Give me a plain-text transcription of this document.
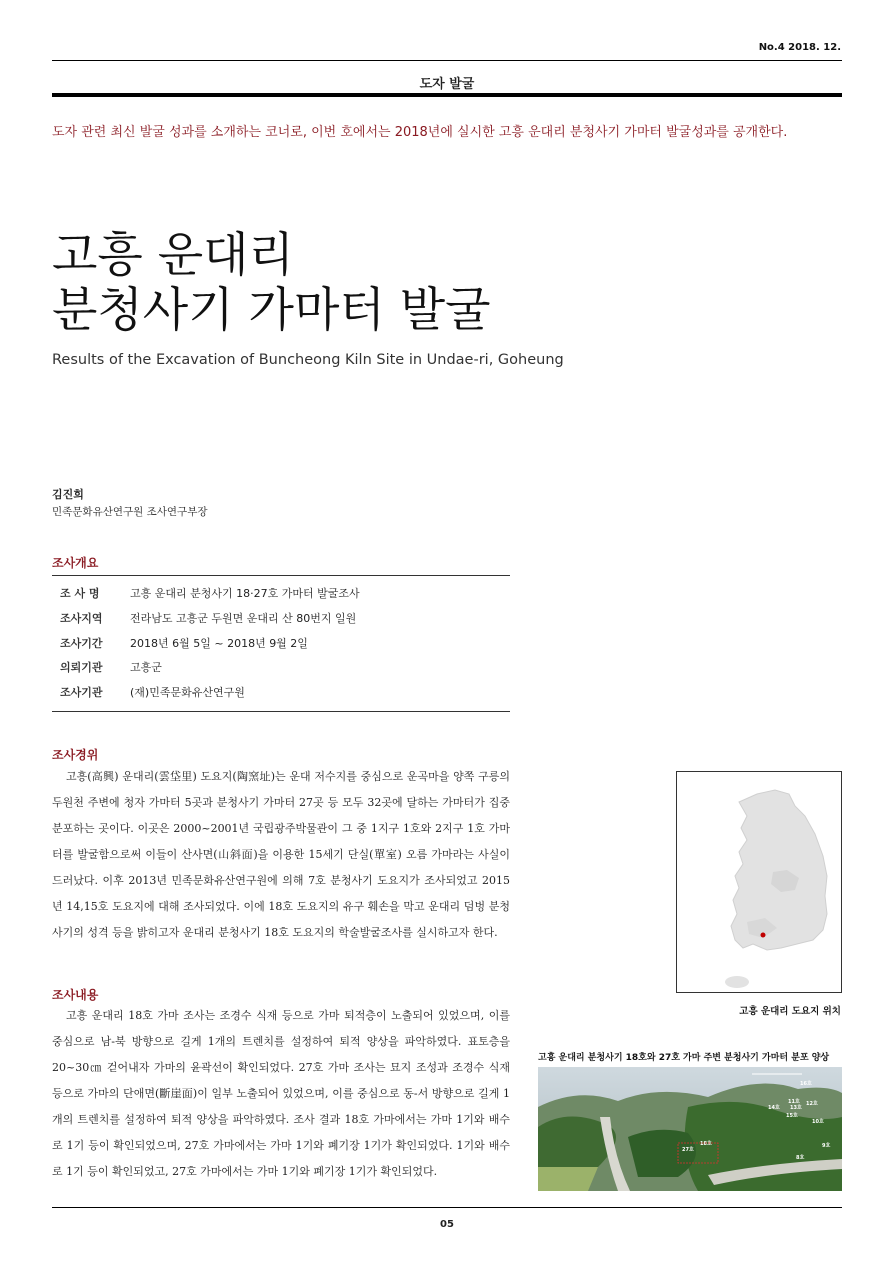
No.4 2018. 12.
도자 발굴
도자 관련 최신 발굴 성과를 소개하는 코너로, 이번 호에서는 2018년에 실시한 고흥 운대리 분청사기 가마터 발굴성과를 공개한다.
고흥 운대리
분청사기 가마터 발굴
Results of the Excavation of Buncheong Kiln Site in Undae-ri, Goheung
김진희
민족문화유산연구원 조사연구부장
조사개요
조 사 명	고흥 운대리 분청사기 18·27호 가마터 발굴조사
조사지역	전라남도 고흥군 두원면 운대리 산 80번지 일원
조사기간	2018년 6월 5일 ~ 2018년 9월 2일
의뢰기관	고흥군
조사기관	(재)민족문화유산연구원
조사경위
고흥(高興) 운대리(雲垈里) 도요지(陶窯址)는 운대 저수지를 중심으로 운곡마을 양쪽 구릉의 두원천 주변에 청자 가마터 5곳과 분청사기 가마터 27곳 등 모두 32곳에 달하는 가마터가 집중 분포하는 곳이다. 이곳은 2000~2001년 국립광주박물관이 그 중 1지구 1호와 2지구 1호 가마터를 발굴함으로써 이들이 산사면(山斜面)을 이용한 15세기 단실(單室) 오름 가마라는 사실이 드러났다. 이후 2013년 민족문화유산연구원에 의해 7호 분청사기 도요지가 조사되었고 2015년 14,15호 도요지에 대해 조사되었다. 이에 18호 도요지의 유구 훼손을 막고 운대리 덤벙 분청사기의 성격 등을 밝히고자 운대리 분청사기 18호 도요지의 학술발굴조사를 실시하고자 한다.
조사내용
고흥 운대리 18호 가마 조사는 조경수 식재 등으로 가마 퇴적층이 노출되어 있었으며, 이를 중심으로 남-북 방향으로 길게 1개의 트렌치를 설정하여 퇴적 양상을 파악하였다. 표토층을 20~30㎝ 걷어내자 가마의 윤곽선이 확인되었다. 27호 가마 조사는 묘지 조성과 조경수 식재 등으로 가마의 단애면(斷崖面)이 일부 노출되어 있었으며, 이를 중심으로 동-서 방향으로 길게 1개의 트렌치를 설정하여 퇴적 양상을 파악하였다. 조사 결과 18호 가마에서는 가마 1기와 배수로 1기 등이 확인되었으며, 27호 가마에서는 가마 1기와 폐기장 1기가 확인되었다. 1기와 배수로 1기 등이 확인되었고, 27호 가마에서는 가마 1기와 폐기장 1기가 확인되었다.
고흥 운대리 도요지 위치
고흥 운대리 분청사기 18호와 27호 가마 주변 분청사기 가마터 분포 양상
16호
11호 12호
14호 13호
15호
10호
18호
27호
9호
8호
05
